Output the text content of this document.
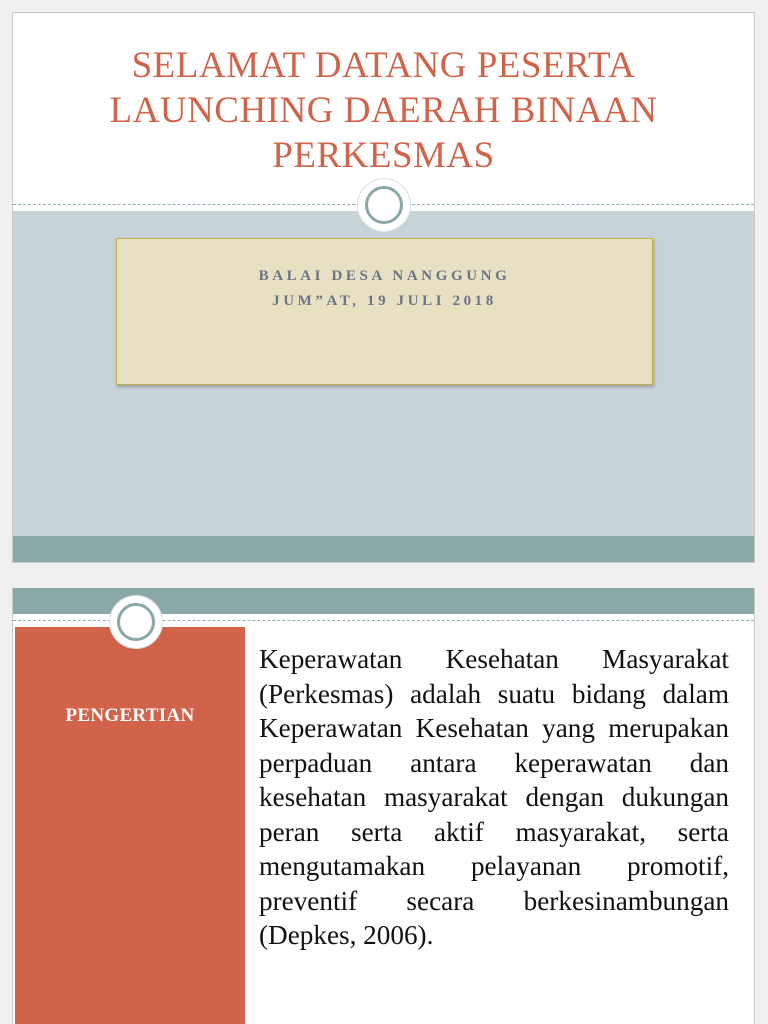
SELAMAT DATANG PESERTA
LAUNCHING DAERAH BINAAN
PERKESMAS
BALAI DESA NANGGUNG
JUM”AT, 19 JULI 2018
PENGERTIAN
Keperawatan Kesehatan Masyarakat (Perkesmas) adalah suatu bidang dalam Keperawatan Kesehatan yang merupakan perpaduan antara keperawatan dan kesehatan masyarakat dengan dukungan peran serta aktif masyarakat, serta mengutamakan pelayanan promotif, preventif secara berkesinambungan (Depkes, 2006).
